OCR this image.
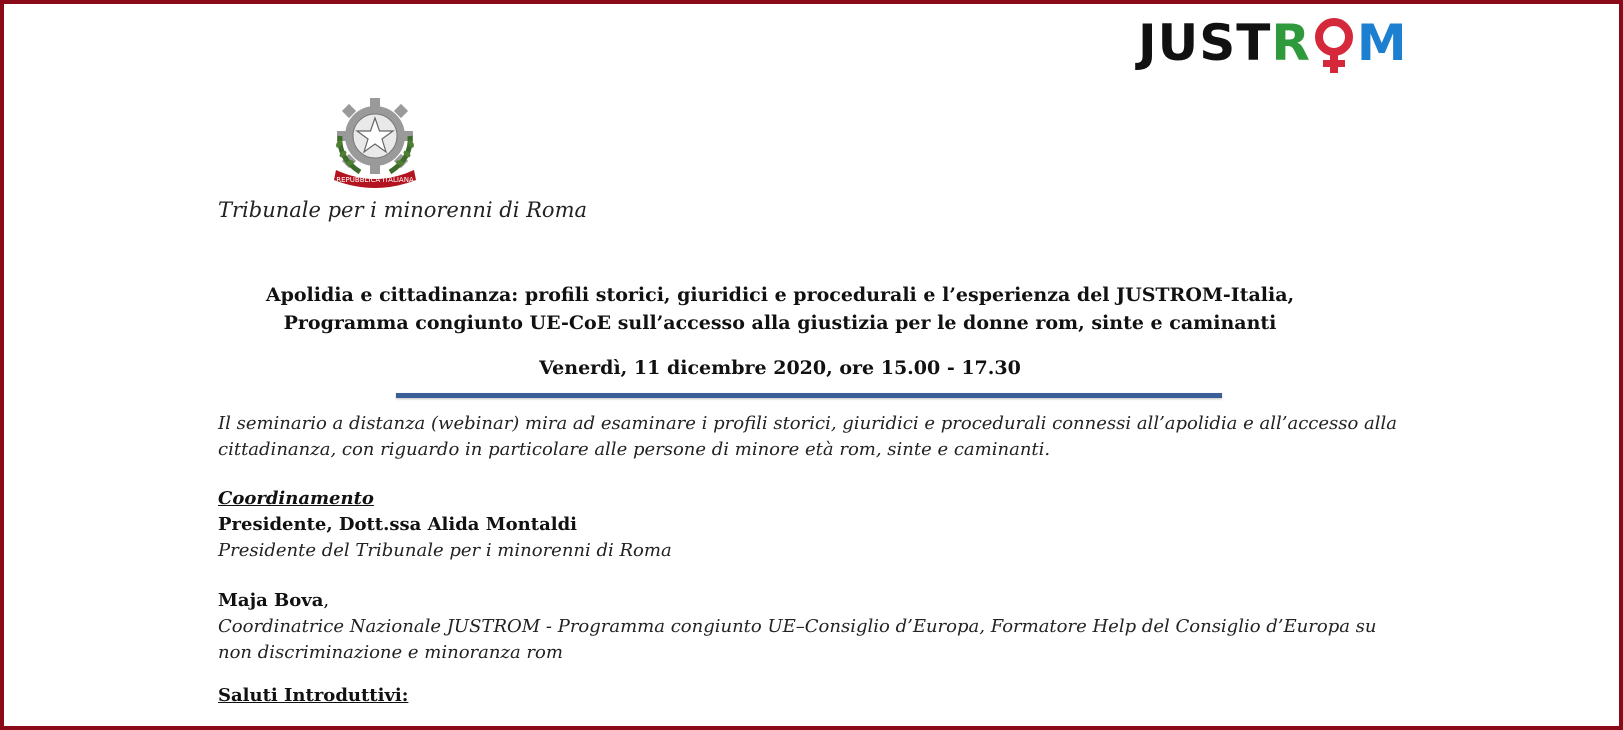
JUST R M
REPUBBLICA ITALIANA
Tribunale per i minorenni di Roma
Apolidia e cittadinanza: profili storici, giuridici e procedurali e l’esperienza del JUSTROM-Italia,
Programma congiunto UE-CoE sull’accesso alla giustizia per le donne rom, sinte e caminanti
Venerdì, 11 dicembre 2020, ore 15.00 - 17.30
Il seminario a distanza (webinar) mira ad esaminare i profili storici, giuridici e procedurali connessi all’apolidia e all’accesso alla
cittadinanza, con riguardo in particolare alle persone di minore età rom, sinte e caminanti.
Coordinamento
Presidente, Dott.ssa Alida Montaldi
Presidente del Tribunale per i minorenni di Roma
Maja Bova,
Coordinatrice Nazionale JUSTROM - Programma congiunto UE–Consiglio d’Europa, Formatore Help del Consiglio d’Europa su
non discriminazione e minoranza rom
Saluti Introduttivi:
